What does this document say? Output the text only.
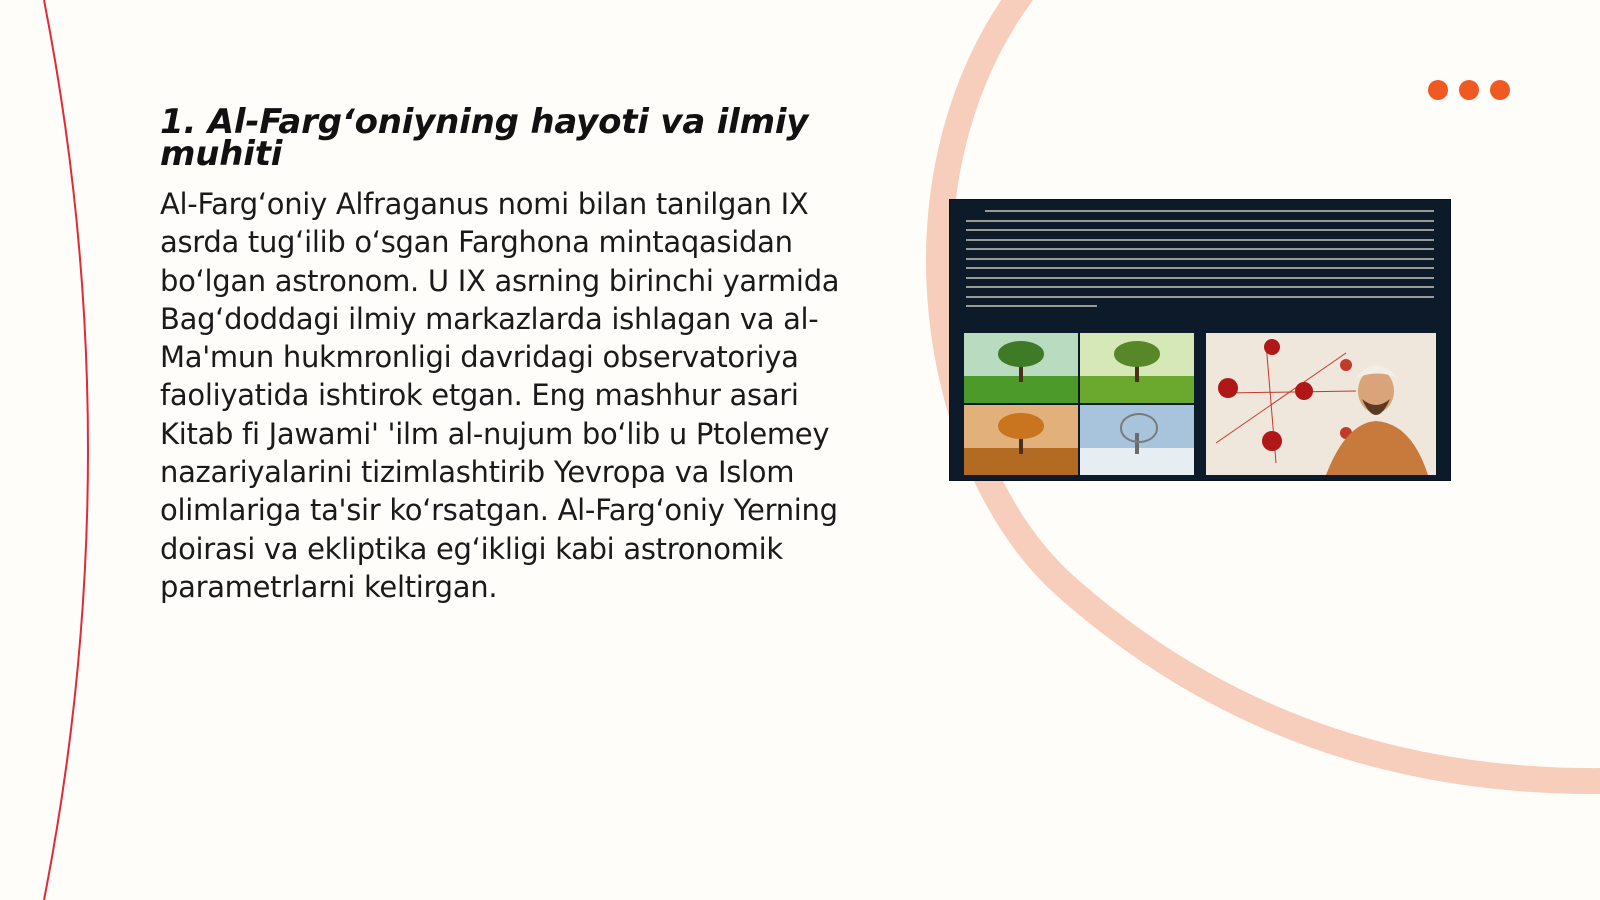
1. Al-Farg‘oniyning hayoti va ilmiy muhiti

Al-Farg‘oniy Alfraganus nomi bilan tanilgan IX asrda tug‘ilib o‘sgan Farghona mintaqasidan bo‘lgan astronom. U IX asrning birinchi yarmida Bag‘doddagi ilmiy markazlarda ishlagan va al-Ma'mun hukmronligi davridagi observatoriya faoliyatida ishtirok etgan. Eng mashhur asari Kitab fi Jawami' 'ilm al-nujum bo‘lib u Ptolemey nazariyalarini tizimlashtirib Yevropa va Islom olimlariga ta'sir ko‘rsatgan. Al-Farg‘oniy Yerning doirasi va ekliptika eg‘ikligi kabi astronomik parametrlarni keltirgan.
